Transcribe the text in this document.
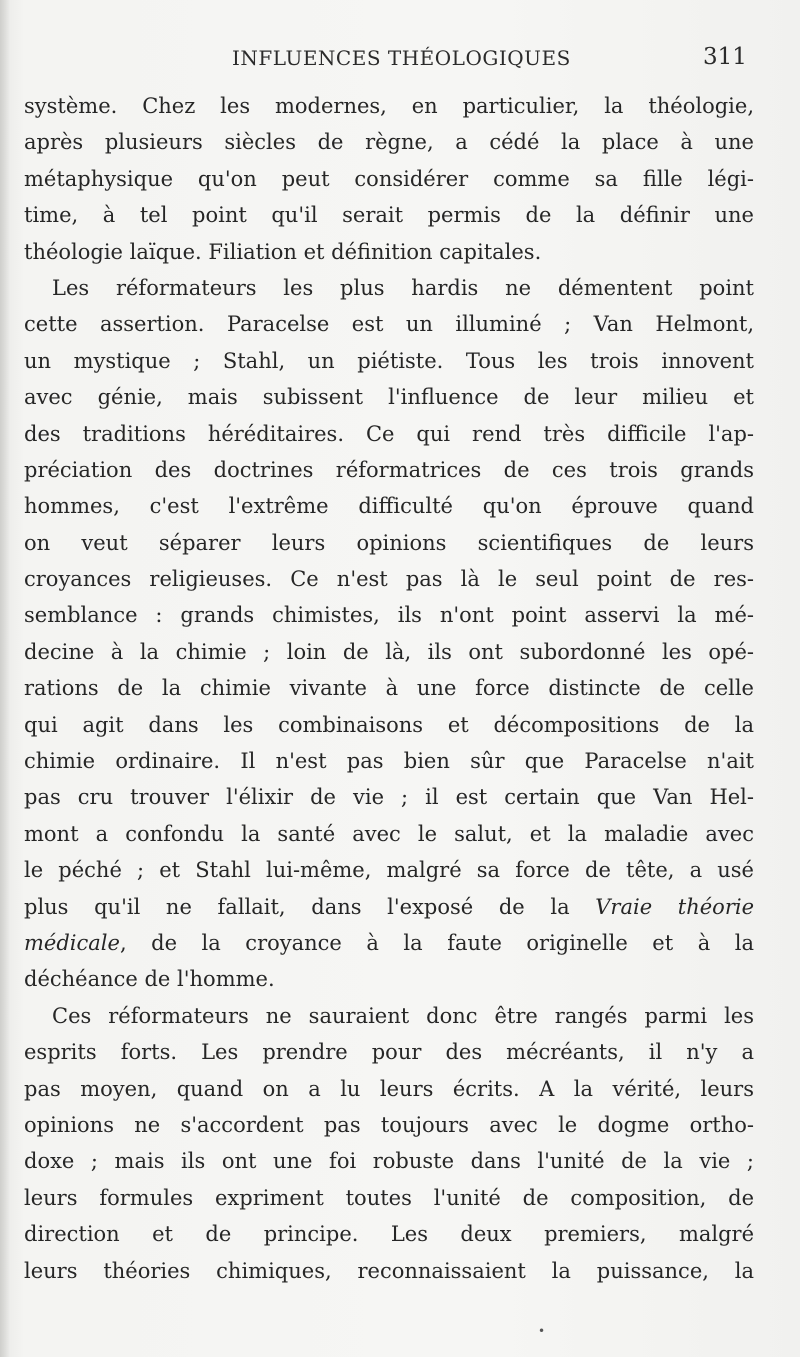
INFLUENCES THÉOLOGIQUES	311
système. Chez les modernes, en particulier, la théologie,
après plusieurs siècles de règne, a cédé la place à une
métaphysique qu'on peut considérer comme sa fille légi-
time, à tel point qu'il serait permis de la définir une
théologie laïque. Filiation et définition capitales.
Les réformateurs les plus hardis ne démentent point
cette assertion. Paracelse est un illuminé ; Van Helmont,
un mystique ; Stahl, un piétiste. Tous les trois innovent
avec génie, mais subissent l'influence de leur milieu et
des traditions héréditaires. Ce qui rend très difficile l'ap-
préciation des doctrines réformatrices de ces trois grands
hommes, c'est l'extrême difficulté qu'on éprouve quand
on veut séparer leurs opinions scientifiques de leurs
croyances religieuses. Ce n'est pas là le seul point de res-
semblance : grands chimistes, ils n'ont point asservi la mé-
decine à la chimie ; loin de là, ils ont subordonné les opé-
rations de la chimie vivante à une force distincte de celle
qui agit dans les combinaisons et décompositions de la
chimie ordinaire. Il n'est pas bien sûr que Paracelse n'ait
pas cru trouver l'élixir de vie ; il est certain que Van Hel-
mont a confondu la santé avec le salut, et la maladie avec
le péché ; et Stahl lui-même, malgré sa force de tête, a usé
plus qu'il ne fallait, dans l'exposé de la Vraie théorie
médicale, de la croyance à la faute originelle et à la
déchéance de l'homme.
Ces réformateurs ne sauraient donc être rangés parmi les
esprits forts. Les prendre pour des mécréants, il n'y a
pas moyen, quand on a lu leurs écrits. A la vérité, leurs
opinions ne s'accordent pas toujours avec le dogme ortho-
doxe ; mais ils ont une foi robuste dans l'unité de la vie ;
leurs formules expriment toutes l'unité de composition, de
direction et de principe. Les deux premiers, malgré
leurs théories chimiques, reconnaissaient la puissance, la
•
